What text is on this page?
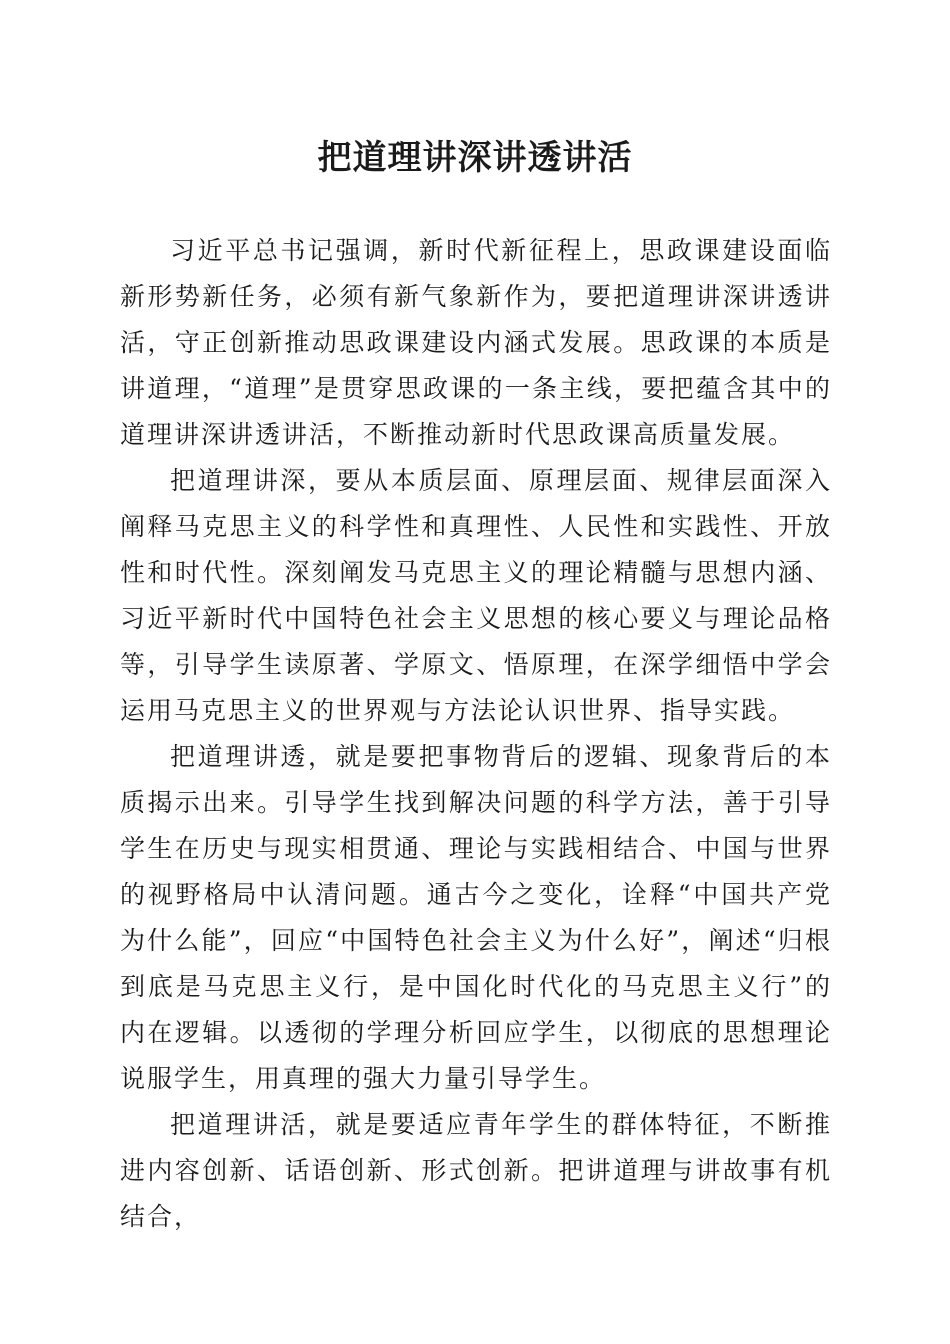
把道理讲深讲透讲活

习近平总书记强调，新时代新征程上，思政课建设面临新形势新任务，必须有新气象新作为，要把道理讲深讲透讲活，守正创新推动思政课建设内涵式发展。思政课的本质是讲道理，“道理”是贯穿思政课的一条主线，要把蕴含其中的道理讲深讲透讲活，不断推动新时代思政课高质量发展。

把道理讲深，要从本质层面、原理层面、规律层面深入阐释马克思主义的科学性和真理性、人民性和实践性、开放性和时代性。深刻阐发马克思主义的理论精髓与思想内涵、习近平新时代中国特色社会主义思想的核心要义与理论品格等，引导学生读原著、学原文、悟原理，在深学细悟中学会运用马克思主义的世界观与方法论认识世界、指导实践。

把道理讲透，就是要把事物背后的逻辑、现象背后的本质揭示出来。引导学生找到解决问题的科学方法，善于引导学生在历史与现实相贯通、理论与实践相结合、中国与世界的视野格局中认清问题。通古今之变化，诠释“中国共产党为什么能”，回应“中国特色社会主义为什么好”，阐述“归根到底是马克思主义行，是中国化时代化的马克思主义行”的内在逻辑。以透彻的学理分析回应学生，以彻底的思想理论说服学生，用真理的强大力量引导学生。

把道理讲活，就是要适应青年学生的群体特征，不断推进内容创新、话语创新、形式创新。把讲道理与讲故事有机结合，
